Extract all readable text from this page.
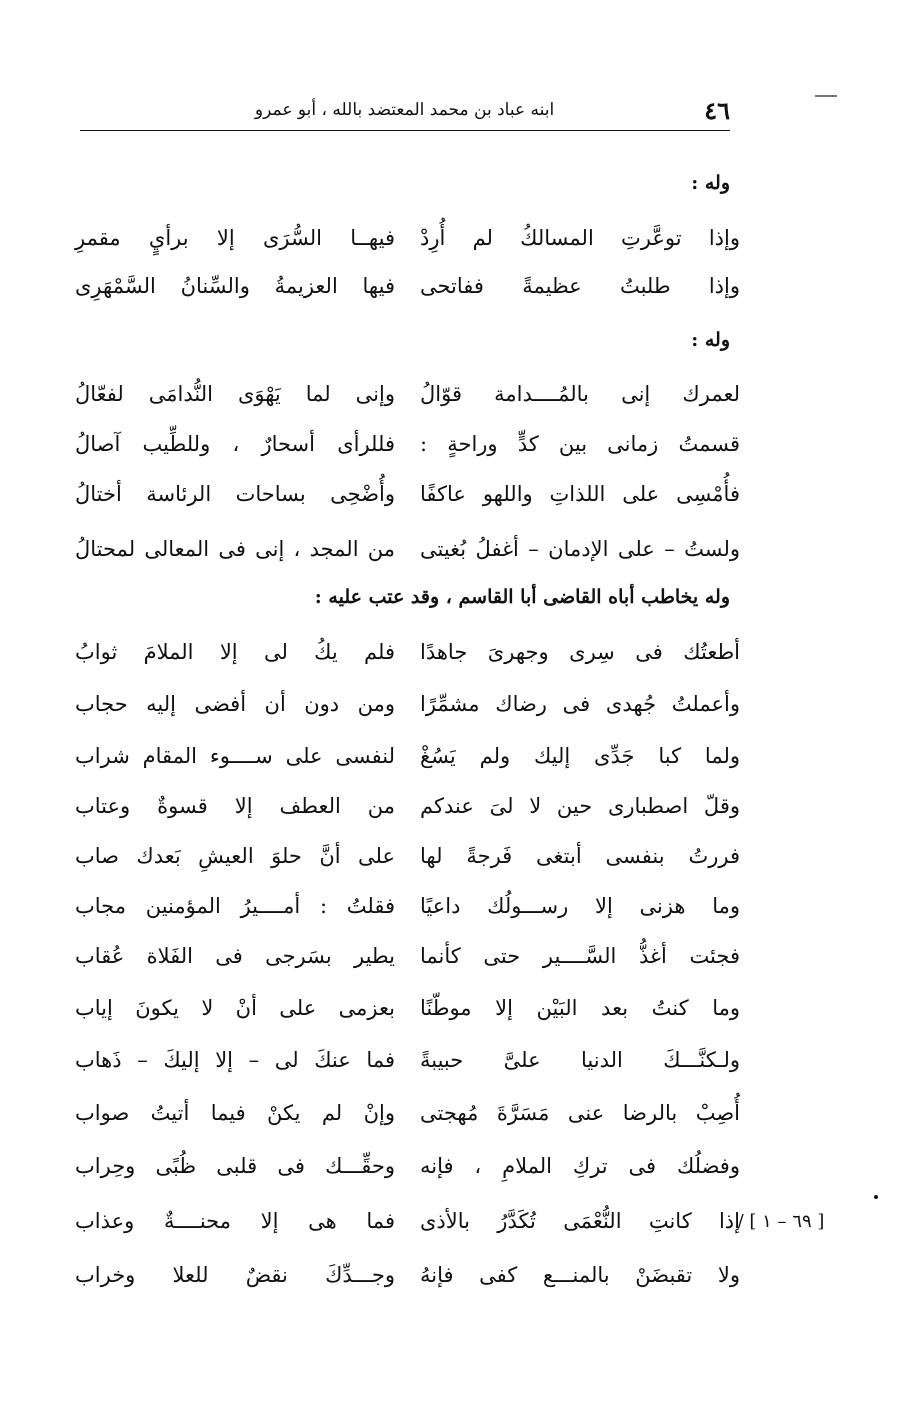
٤٦
ابنه عباد بن محمد المعتضد بالله ، أبو عمرو
وله :
وإذا توعَّرتِ المسالكُ لم أُرِدْ
فيهــا السُّرَى إلا برأيٍ مقمرِ
وإذا طلبتُ عظيمةً ففاتحى
فيها العزيمةُ والسِّنانُ السَّمْهَرِى
وله :
لعمرك إنى بالمُــــدامة قوّالُ
وإنى لما يَهْوَى النُّدامَى لفعّالُ
قسمتُ زمانى بين كدٍّ وراحةٍ :
فللرأى أسحارٌ ، وللطِّيب آصالُ
فأُمْسِى على اللذاتِ واللهو عاكفًا
وأُضْحِى بساحات الرئاسة أختالُ
ولستُ – على الإدمان – أغفلُ بُغيتى
من المجد ، إنى فى المعالى لمحتالُ
وله يخاطب أباه القاضى أبا القاسم ، وقد عتب عليه :
أطعتُك فى سِرى وجهرىَ جاهدًا
فلم يكُ لى إلا الملامَ ثوابُ
وأعملتُ جُهدى فى رضاك مشمِّرًا
ومن دون أن أفضى إليه حجاب
ولما كبا جَدِّى إليك ولم يَسُغْ
لنفسى على ســــوء المقام شراب
وقلّ اصطبارى حين لا لىَ عندكم
من العطف إلا قسوةٌ وعتاب
فررتُ بنفسى أبتغى فَرجةً لها
على أنَّ حلوَ العيشِ بَعدك صاب
وما هزنى إلا رســـولُك داعيًا
فقلتُ : أمــــيرُ المؤمنين مجاب
فجئت أغذُّ السَّــــير حتى كأنما
يطير بسَرجى فى الفَلاة عُقاب
وما كنتُ بعد البَيْن إلا موطّنًا
بعزمى على أنْ لا يكونَ إياب
ولـكنَّـــكَ الدنيا علىَّ حبيبةً
فما عنكَ لى – إلا إليكَ – ذَهاب
أُصِبْ بالرضا عنى مَسَرَّةَ مُهجتى
وإنْ لم يكنْ فيما أتيتُ صواب
وفضلُك فى تركِ الملامِ ، فإنه
وحقِّـــك فى قلبى ظُبًى وحِراب
إذا كانتِ النُّعْمَى تُكَدَّرُ بالأذى
فما هى إلا محنــــةٌ وعذاب
ولا تقبضَنْ بالمنـــع كفى فإنهُ
وجـــدِّكَ نقضٌ للعلا وخراب
[ ٦٩ – ١ ] /
